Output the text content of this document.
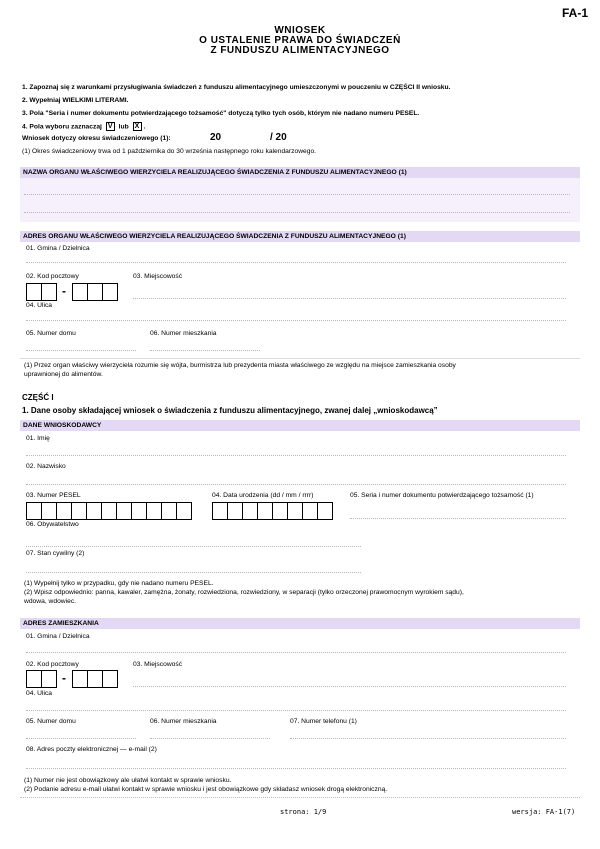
FA-1
WNIOSEK
O USTALENIE PRAWA DO ŚWIADCZEŃ
Z FUNDUSZU ALIMENTACYJNEGO
1. Zapoznaj się z warunkami przysługiwania świadczeń z funduszu alimentacyjnego umieszczonymi w pouczeniu w CZĘŚCI II wniosku.
2. Wypełniaj WIELKIMI LITERAMI.
3. Pola "Seria i numer dokumentu potwierdzającego tożsamość" dotyczą tylko tych osób, którym nie nadano numeru PESEL.
4. Pola wyboru zaznaczaj V lub X .
Wniosek dotyczy okresu świadczeniowego (1):	20	/ 20
(1) Okres świadczeniowy trwa od 1 października do 30 września następnego roku kalendarzowego.
NAZWA ORGANU WŁAŚCIWEGO WIERZYCIELA REALIZUJĄCEGO ŚWIADCZENIA Z FUNDUSZU ALIMENTACYJNEGO (1)
ADRES ORGANU WŁAŚCIWEGO WIERZYCIELA REALIZUJĄCEGO ŚWIADCZENIA Z FUNDUSZU ALIMENTACYJNEGO (1)
01. Gmina / Dzielnica
02. Kod pocztowy	03. Miejscowość
-
04. Ulica
05. Numer domu	06. Numer mieszkania
(1) Przez organ właściwy wierzyciela rozumie się wójta, burmistrza lub prezydenta miasta właściwego ze względu na miejsce zamieszkania osoby
uprawnionej do alimentów.
CZĘŚĆ I
1. Dane osoby składającej wniosek o świadczenia z funduszu alimentacyjnego, zwanej dalej „wnioskodawcą”
DANE WNIOSKODAWCY
01. Imię
02. Nazwisko
03. Numer PESEL	04. Data urodzenia (dd / mm / rrrr)	05. Seria i numer dokumentu potwierdzającego tożsamość (1)
06. Obywatelstwo
07. Stan cywilny (2)
(1) Wypełnij tylko w przypadku, gdy nie nadano numeru PESEL.
(2) Wpisz odpowiednio: panna, kawaler, zamężna, żonaty, rozwiedziona, rozwiedziony, w separacji (tylko orzeczonej prawomocnym wyrokiem sądu),
wdowa, wdowiec.
ADRES ZAMIESZKANIA
01. Gmina / Dzielnica
02. Kod pocztowy	03. Miejscowość
-
04. Ulica
05. Numer domu	06. Numer mieszkania	07. Numer telefonu (1)
08. Adres poczty elektronicznej — e-mail (2)
(1) Numer nie jest obowiązkowy ale ułatwi kontakt w sprawie wniosku.
(2) Podanie adresu e-mail ułatwi kontakt w sprawie wniosku i jest obowiązkowe gdy składasz wniosek drogą elektroniczną.
strona: 1/9	wersja: FA-1(7)
